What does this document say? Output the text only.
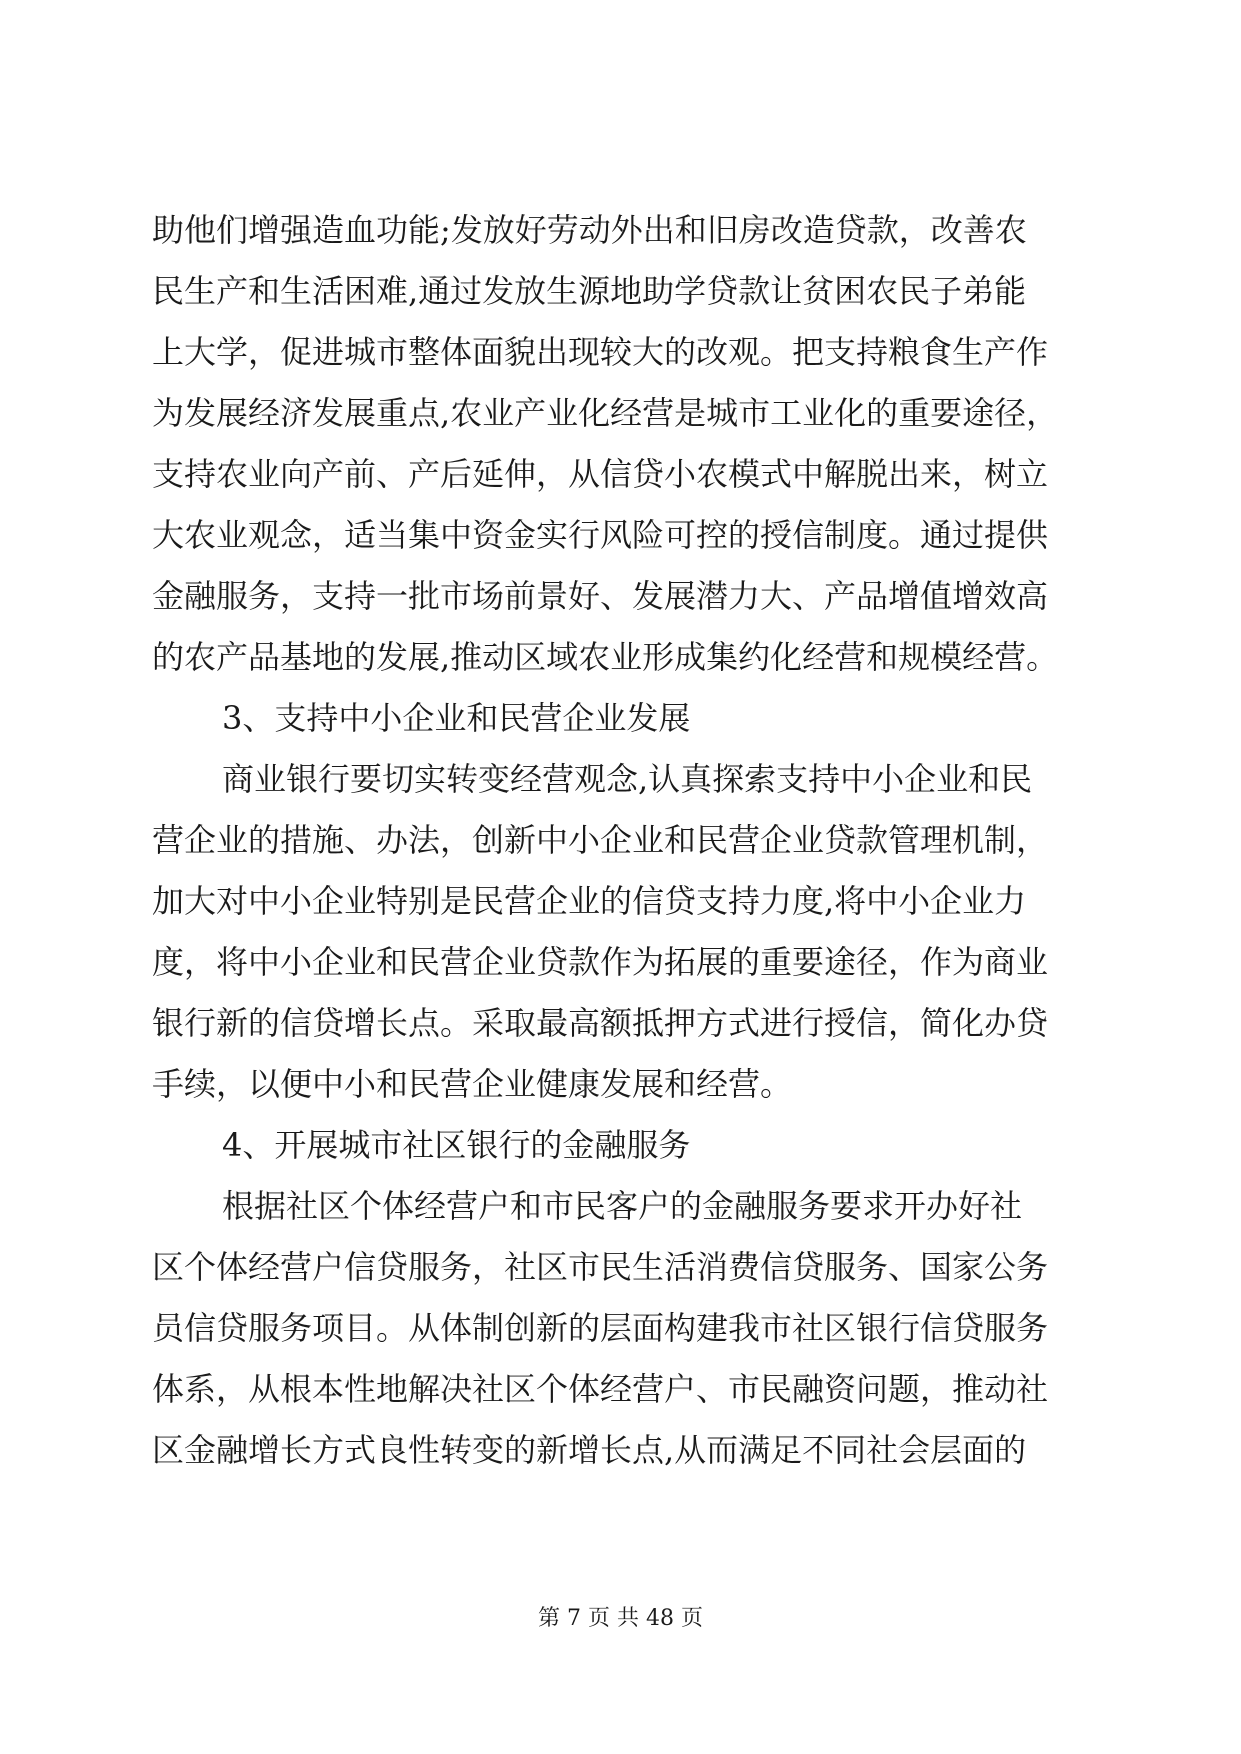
助他们增强造血功能;发放好劳动外出和旧房改造贷款，改善农
民生产和生活困难,通过发放生源地助学贷款让贫困农民子弟能
上大学，促进城市整体面貌出现较大的改观。把支持粮食生产作
为发展经济发展重点,农业产业化经营是城市工业化的重要途径，
支持农业向产前、产后延伸，从信贷小农模式中解脱出来，树立
大农业观念，适当集中资金实行风险可控的授信制度。通过提供
金融服务，支持一批市场前景好、发展潜力大、产品增值增效高
的农产品基地的发展,推动区域农业形成集约化经营和规模经营。
3、支持中小企业和民营企业发展
商业银行要切实转变经营观念,认真探索支持中小企业和民
营企业的措施、办法，创新中小企业和民营企业贷款管理机制，
加大对中小企业特别是民营企业的信贷支持力度,将中小企业力
度，将中小企业和民营企业贷款作为拓展的重要途径，作为商业
银行新的信贷增长点。采取最高额抵押方式进行授信，简化办贷
手续，以便中小和民营企业健康发展和经营。
4、开展城市社区银行的金融服务
根据社区个体经营户和市民客户的金融服务要求开办好社
区个体经营户信贷服务，社区市民生活消费信贷服务、国家公务
员信贷服务项目。从体制创新的层面构建我市社区银行信贷服务
体系，从根本性地解决社区个体经营户、市民融资问题，推动社
区金融增长方式良性转变的新增长点,从而满足不同社会层面的
第 7 页 共 48 页
